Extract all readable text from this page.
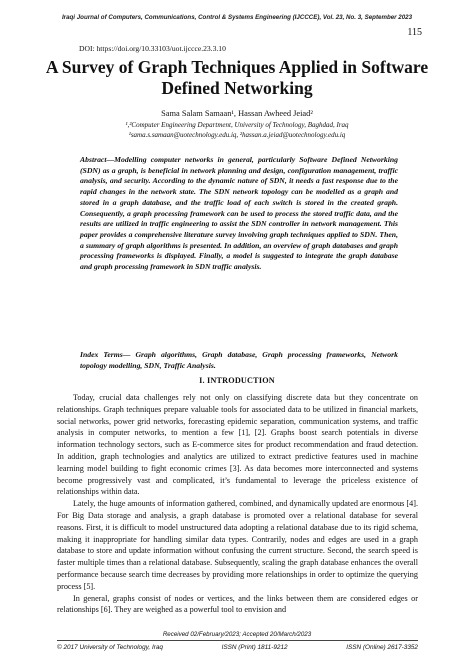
Iraqi Journal of Computers, Communications, Control & Systems Engineering (IJCCCE), Vol. 23, No. 3, September 2023
115
DOI: https://doi.org/10.33103/uot.ijccce.23.3.10
A Survey of Graph Techniques Applied in Software
Defined Networking
Sama Salam Samaan¹, Hassan Awheed Jeiad²
¹,²Computer Engineering Department, University of Technology, Baghdad, Iraq
¹sama.s.samaan@uotechnology.edu.iq, ²hassan.a.jeiad@uotechnology.edu.iq
Abstract—Modelling computer networks in general, particularly Software Defined Networking (SDN) as a graph, is beneficial in network planning and design, configuration management, traffic analysis, and security. According to the dynamic nature of SDN, it needs a fast response due to the rapid changes in the network state. The SDN network topology can be modelled as a graph and stored in a graph database, and the traffic load of each switch is stored in the created graph. Consequently, a graph processing framework can be used to process the stored traffic data, and the results are utilized in traffic engineering to assist the SDN controller in network management. This paper provides a comprehensive literature survey involving graph techniques applied to SDN. Then, a summary of graph algorithms is presented. In addition, an overview of graph databases and graph processing frameworks is displayed. Finally, a model is suggested to integrate the graph database and graph processing framework in SDN traffic analysis.
Index Terms— Graph algorithms, Graph database, Graph processing frameworks, Network topology modelling, SDN, Traffic Analysis.
I. INTRODUCTION

Today, crucial data challenges rely not only on classifying discrete data but they concentrate on relationships. Graph techniques prepare valuable tools for associated data to be utilized in financial markets, social networks, power grid networks, forecasting epidemic separation, communication systems, and traffic analysis in computer networks, to mention a few [1], [2]. Graphs boost search potentials in diverse information technology sectors, such as E-commerce sites for product recommendation and fraud detection. In addition, graph technologies and analytics are utilized to extract predictive features used in machine learning model building to fight economic crimes [3]. As data becomes more interconnected and systems become progressively vast and complicated, it’s fundamental to leverage the priceless existence of relationships within data.

Lately, the huge amounts of information gathered, combined, and dynamically updated are enormous [4]. For Big Data storage and analysis, a graph database is promoted over a relational database for several reasons. First, it is difficult to model unstructured data adopting a relational database due to its rigid schema, making it inappropriate for handling similar data types. Contrarily, nodes and edges are used in a graph database to store and update information without confusing the current structure. Second, the search speed is faster multiple times than a relational database. Subsequently, scaling the graph database enhances the overall performance because search time decreases by providing more relationships in order to optimize the querying process [5].

In general, graphs consist of nodes or vertices, and the links between them are considered edges or relationships [6]. They are weighed as a powerful tool to envision and

Received 02/February/2023; Accepted 20/March/2023
© 2017 University of Technology, Iraq	ISSN (Print) 1811-9212	ISSN (Online) 2617-3352
